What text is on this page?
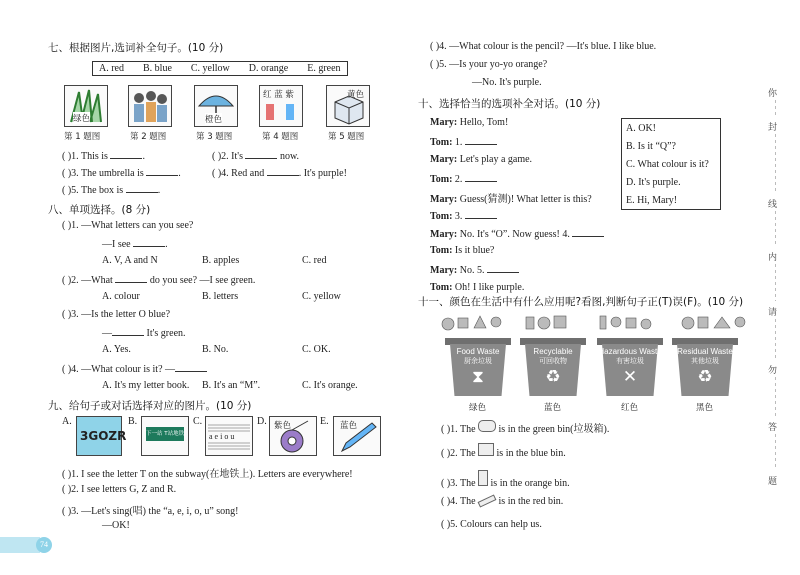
七、根据图片,选词补全句子。(10 分)
A. red B. blue C. yellow D. orange E. green
绿色	橙色
红 蓝 紫	黄色
第 1 题图	第 2 题图	第 3 题图	第 4 题图	第 5 题图
( )1. This is	.	( )2. It's	now.
( )3. The umbrella is	.	( )4. Red and	. It's purple!
( )5. The box is	.
八、单项选择。(8 分)
( )1. —What letters can you see?
—I see	.
A. V, A and N	B. apples	C. red
( )2. —What	do you see? —I see green.
A. colour	B. letters	C. yellow
( )3. —Is the letter O blue?
—	It's green.
A. Yes.	B. No.	C. OK.
( )4. —What colour is it? —
A. It's my letter book. B. It's an “M”.	C. It's orange.
九、给句子或对话选择对应的图片。(10 分)
A.
3GOZR
B.
下一站 T站地铁
C.
a e i o u
D. 紫色	E. 蓝色
( )1. I see the letter T on the subway(在地铁上). Letters are everywhere!
( )2. I see letters G, Z and R.
( )3. —Let's sing(唱) the “a, e, i, o, u” song!
—OK!
74
( )4. —What colour is the pencil? —It's blue. I like blue.
( )5. —Is your yo-yo orange?
—No. It's purple.
十、选择恰当的选项补全对话。(10 分)
Mary: Hello, Tom!
Tom: 1.
Mary: Let's play a game.
Tom: 2.
Mary: Guess(猜测)! What letter is this?
Tom: 3.
Mary: No. It's “O”. Now guess! 4.
Tom: Is it blue?
Mary: No. 5.
Tom: Oh! I like purple.
A. OK!
B. Is it “Q”?
C. What colour is it?
D. It's purple.
E. Hi, Mary!
十一、颜色在生活中有什么应用呢?看图,判断句子正(T)误(F)。(10 分)
Food Waste
厨余垃圾
⧗
绿色
Recyclable
可回收物
♻
蓝色
Hazardous Waste
有害垃圾
✕
红色
Residual Waste
其他垃圾
♻
黑色
( )1. The is in the green bin(垃圾箱).
( )2. The is in the blue bin.
( )3. The is in the orange bin.
( )4. The is in the red bin.
( )5. Colours can help us.
你
封
线
内
请
勿
答
题
